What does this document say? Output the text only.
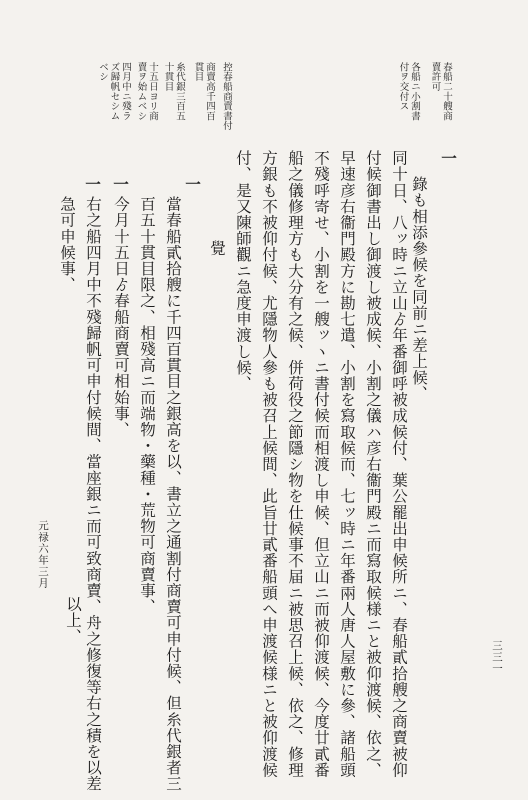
三三一
春船二十艘商
賣許可
各船ニ小割書
付ヲ交付ス
控春船商賣書付
商賣高千四百
貫目
糸代銀三百五
十貫目
十五日ヨリ商
賣ヲ始ムベシ
四月中ニ殘ラ
ズ歸帆セシム
ベシ
一
錄も相添參候を同前ニ差上候、
同十日、八ッ時ニ立山ゟ年番御呼被成候付、葉公罷出申候所ニ、春船貳拾艘之商賣被仰
付候御書出し御渡し被成候、小割之儀ハ彦右衞門殿ニ而寫取候様ニと被仰渡候、依之、
早速彦右衞門殿方に勘七遣、小割を寫取候而、七ッ時ニ年番兩人唐人屋敷に參、諸船頭
不殘呼寄せ、小割を一艘ッヽニ書付候而相渡し申候、但立山ニ而被仰渡候、今度廿貳番
船之儀修理方も大分有之候、併荷役之節隱シ物を仕候事不届ニ被思召上候、依之、修理
方銀も不被仰付候、尤隱物人參も被召上候間、此旨廿貳番船頭へ申渡候様ニと被仰渡候
付、是又陳師觀ニ急度申渡し候、
覺
一
當春船貳拾艘に千四百貫目之銀高を以、書立之通割付商賣可申付候、但糸代銀者三
百五十貫目限之、相殘高ニ而端物・藥種・荒物可商賣事、
一
今月十五日ゟ春船商賣可相始事、
一
右之船四月中不殘歸帆可申付候間、當座銀ニ而可致商賣、舟之修復等右之積を以差
急可申候事、
以上、
元禄六年三月
